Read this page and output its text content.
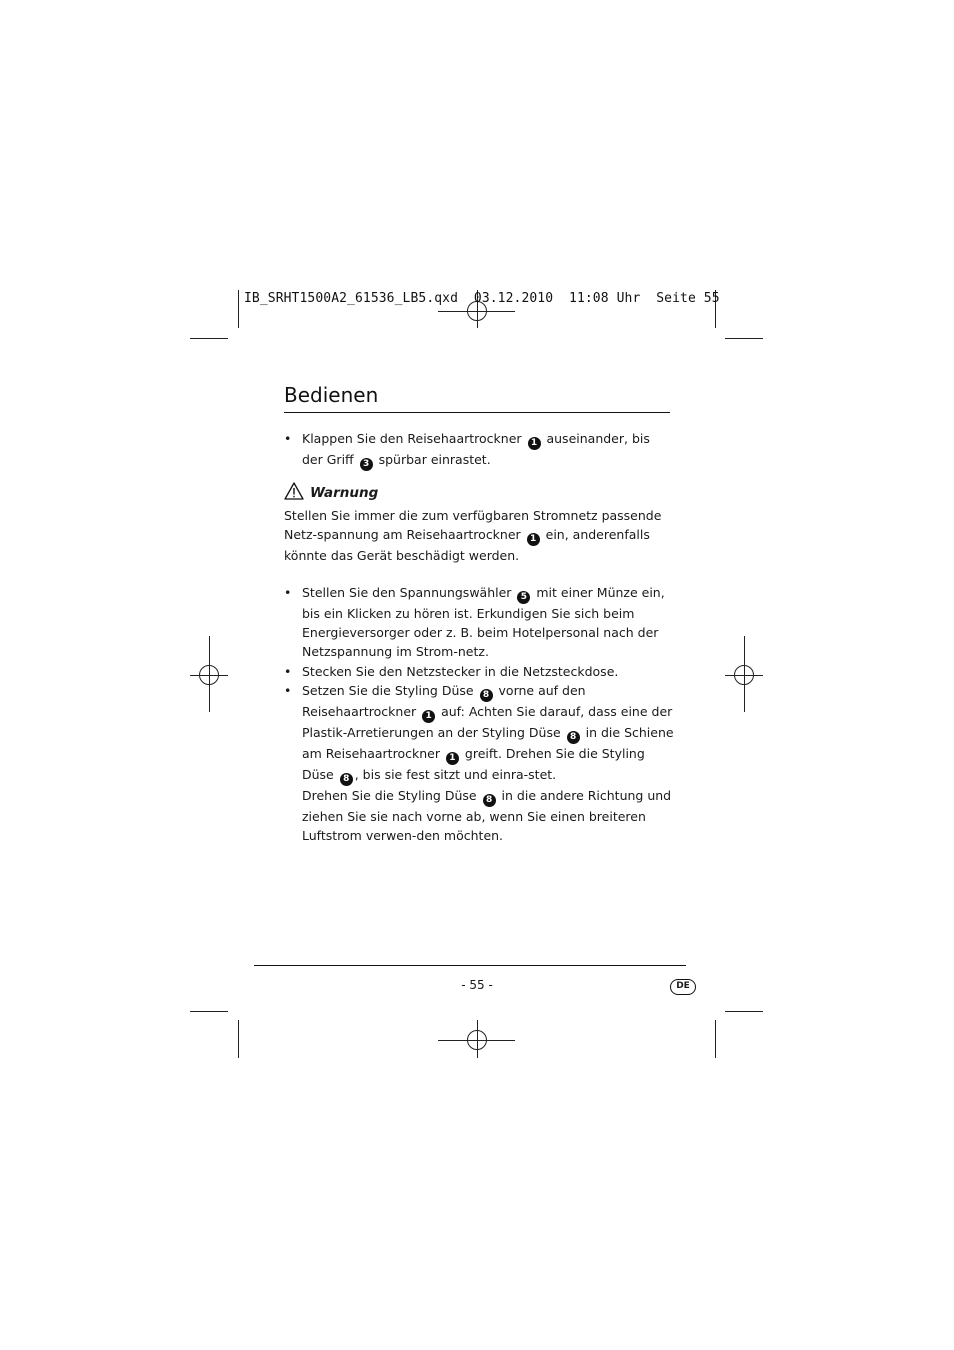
IB_SRHT1500A2_61536_LB5.qxd 03.12.2010 11:08 Uhr Seite 55
Bedienen
• Klappen Sie den Reisehaartrockner 1 auseinander, bis der Griff 3 spürbar einrastet.
Warnung
Stellen Sie immer die zum verfügbaren Stromnetz passende Netz-spannung am Reisehaartrockner 1 ein, anderenfalls könnte das Gerät beschädigt werden.
• Stellen Sie den Spannungswähler 5 mit einer Münze ein, bis ein Klicken zu hören ist. Erkundigen Sie sich beim Energieversorger oder z. B. beim Hotelpersonal nach der Netzspannung im Strom-netz.
• Stecken Sie den Netzstecker in die Netzsteckdose.
• Setzen Sie die Styling Düse 8 vorne auf den Reisehaartrockner 1 auf: Achten Sie darauf, dass eine der Plastik-Arretierungen an der Styling Düse 8 in die Schiene am Reisehaartrockner 1 greift. Drehen Sie die Styling Düse 8 , bis sie fest sitzt und einra-stet.
Drehen Sie die Styling Düse 8 in die andere Richtung und ziehen Sie sie nach vorne ab, wenn Sie einen breiteren Luftstrom verwen-den möchten.
- 55 -	DE
